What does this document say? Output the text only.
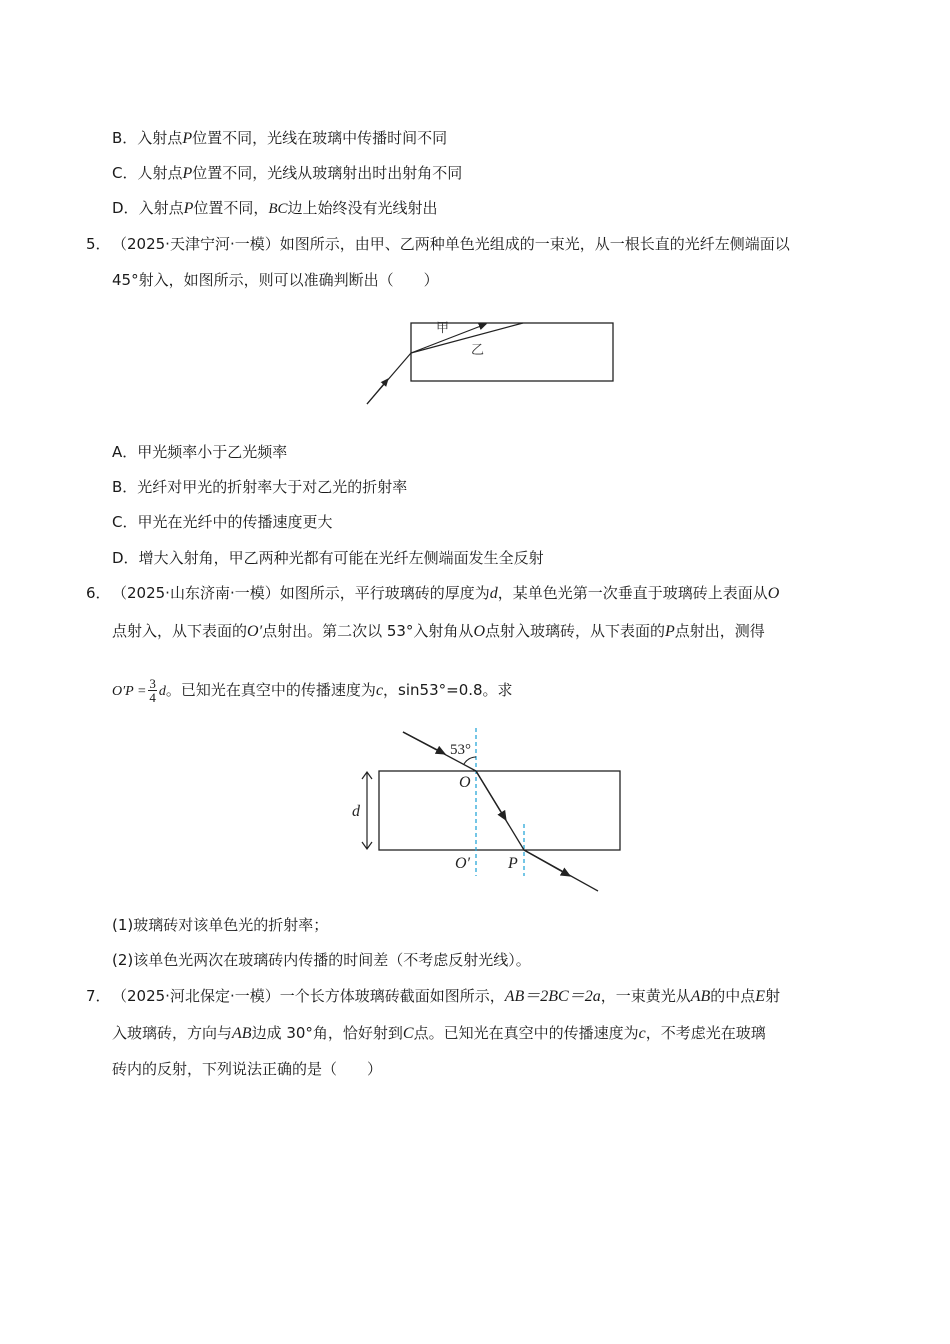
B．入射点P位置不同，光线在玻璃中传播时间不同
C．人射点P位置不同，光线从玻璃射出时出射角不同
D．入射点P位置不同，BC边上始终没有光线射出
5． （2025·天津宁河·一模）如图所示，由甲、乙两种单色光组成的一束光，从一根长直的光纤左侧端面以
45°射入，如图所示，则可以准确判断出（　　）
甲
乙
A．甲光频率小于乙光频率
B．光纤对甲光的折射率大于对乙光的折射率
C．甲光在光纤中的传播速度更大
D．增大入射角，甲乙两种光都有可能在光纤左侧端面发生全反射
6． （2025·山东济南·一模）如图所示，平行玻璃砖的厚度为d，某单色光第一次垂直于玻璃砖上表面从O
点射入，从下表面的O′点射出。第二次以 53°入射角从O点射入玻璃砖，从下表面的P点射出，测得
$O'P = \frac{3}{4}$ d。已知光在真空中的传播速度为c，sin53°=0.8。求
d
53°
O
O′ P
(1)玻璃砖对该单色光的折射率；
(2)该单色光两次在玻璃砖内传播的时间差（不考虑反射光线）。
7． （2025·河北保定·一模）一个长方体玻璃砖截面如图所示，AB＝2BC＝2a，一束黄光从AB的中点E射
入玻璃砖，方向与AB边成 30°角，恰好射到C点。已知光在真空中的传播速度为c，不考虑光在玻璃
砖内的反射，下列说法正确的是（　　）
